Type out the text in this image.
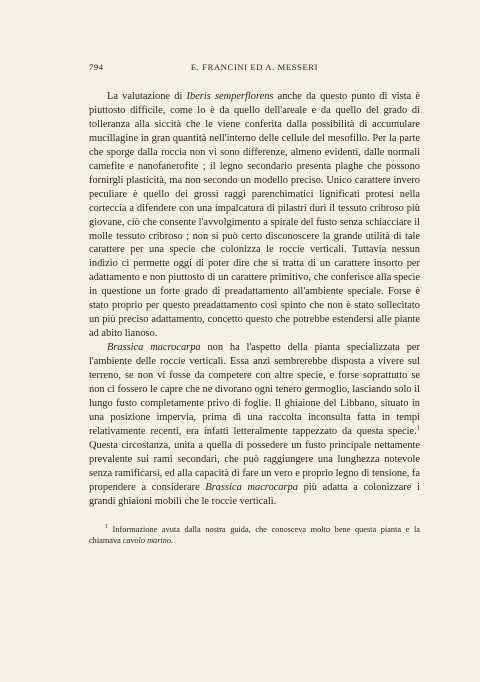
794	E. FRANCINI ED A. MESSERI

La valutazione di Iberis semperflorens anche da questo punto di vista è piuttosto difficile, come lo è da quello dell'areale e da quello del grado di tolleranza alla siccità che le viene conferita dalla possibilità di accumulare mucillagine in gran quantità nell'interno delle cellule del mesofillo. Per la parte che sporge dalla roccia non vi sono differenze, almeno evidenti, dalle normali camefite e nanofanerofite ; il legno secondario presenta plaghe che possono fornirgli plasticità, ma non secondo un modello preciso. Unico carattere invero peculiare è quello dei grossi raggi parenchimatici lignificati protesi nella corteccia a difendere con una impalcatura di pilastri duri il tessuto cribroso più giovane, ciò che consente l'avvolgimento a spirale del fusto senza schiacciare il molle tessuto cribroso ; non si può certo disconoscere la grande utilità di tale carattere per una specie che colonizza le roccie verticali. Tuttavia nessun indizio ci permette oggi di poter dire che si tratta di un carattere insorto per adattamento e non piuttosto di un carattere primitivo, che conferisce alla specie in questione un forte grado di preadattamento all'ambiente speciale. Forse è stato proprio per questo preadattamento così spinto che non è stato sollecitato un più preciso adattamento, concetto questo che potrebbe estendersi alle piante ad abito lianoso.

Brassica macrocarpa non ha l'aspetto della pianta specializzata per l'ambiente delle roccie verticali. Essa anzi sembrerebbe disposta a vivere sul terreno, se non vi fosse da competere con altre specie, e forse soprattutto se non ci fossero le capre che ne divorano ogni tenero germoglio, lasciando solo il lungo fusto completamente privo di foglie. Il ghiaione del Libbano, situato in una posizione impervia, prima di una raccolta inconsulta fatta in tempi relativamente recenti, era infatti letteralmente tappezzato da questa specie.$^1$ Questa circostanza, unita a quella di possedere un fusto principale nettamente prevalente sui rami secondari, che può raggiungere una lunghezza notevole senza ramificarsi, ed alla capacità di fare un vero e proprio legno di tensione, fa propendere a considerare Brassica macrocarpa più adatta a colonizzare i grandi ghiaioni mobili che le roccie verticali.

$^1$ Informazione avuta dalla nostra guida, che conosceva molto bene questa pianta e la chiamava cavolo marino.
